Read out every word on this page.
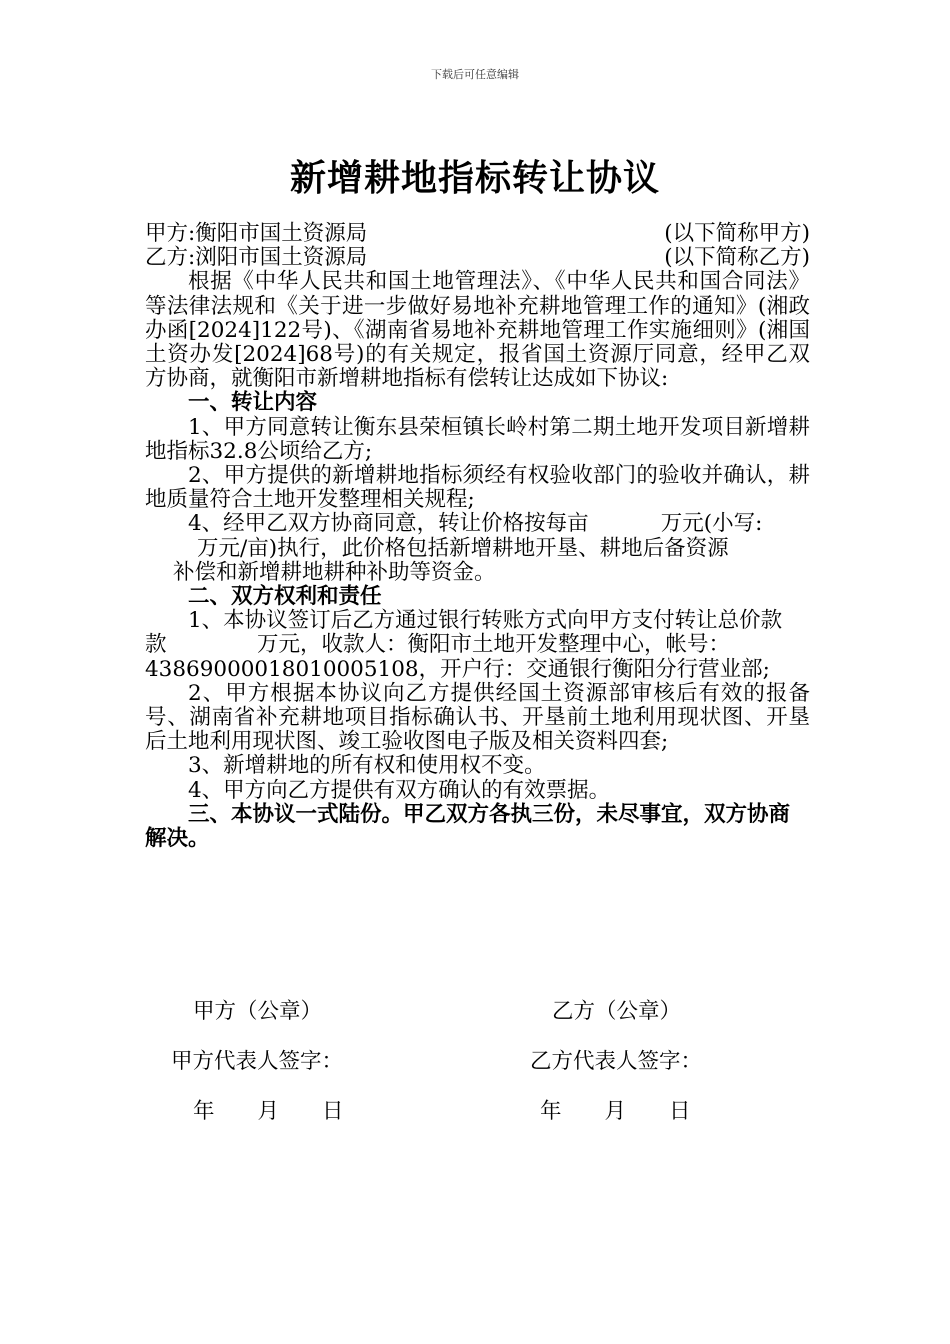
下载后可任意编辑
新增耕地指标转让协议
甲方:衡阳市国土资源局	(以下简称甲方)
乙方:浏阳市国土资源局	(以下简称乙方)

根据《中华人民共和国土地管理法》、《中华人民共和国合同法》等法律法规和《关于进一步做好易地补充耕地管理工作的通知》(湘政办函[2024]122号)、《湖南省易地补充耕地管理工作实施细则》(湘国土资办发[2024]68号)的有关规定，报省国土资源厅同意，经甲乙双方协商，就衡阳市新增耕地指标有偿转让达成如下协议:

一、转让内容

1、甲方同意转让衡东县荣桓镇长岭村第二期土地开发项目新增耕地指标32.8公顷给乙方;

2、甲方提供的新增耕地指标须经有权验收部门的验收并确认，耕地质量符合土地开发整理相关规程;

4、经甲乙双方协商同意，转让价格按每亩	万元(小写:

万元/亩)执行，此价格包括新增耕地开垦、耕地后备资源

补偿和新增耕地耕种补助等资金。

二、双方权利和责任

1、本协议签订后乙方通过银行转账方式向甲方支付转让总价款

款	万元，收款人：衡阳市土地开发整理中心，帐号：

43869000018010005108，开户行：交通银行衡阳分行营业部;

2、甲方根据本协议向乙方提供经国土资源部审核后有效的报备号、湖南省补充耕地项目指标确认书、开垦前土地利用现状图、开垦后土地利用现状图、竣工验收图电子版及相关资料四套;

3、新增耕地的所有权和使用权不变。

4、甲方向乙方提供有双方确认的有效票据。

三、本协议一式陆份。甲乙双方各执三份，未尽事宜，双方协商解决。

甲方（公章）	乙方（公章）
甲方代表人签字：	乙方代表人签字：
年　　月　　日	年　　月　　日
